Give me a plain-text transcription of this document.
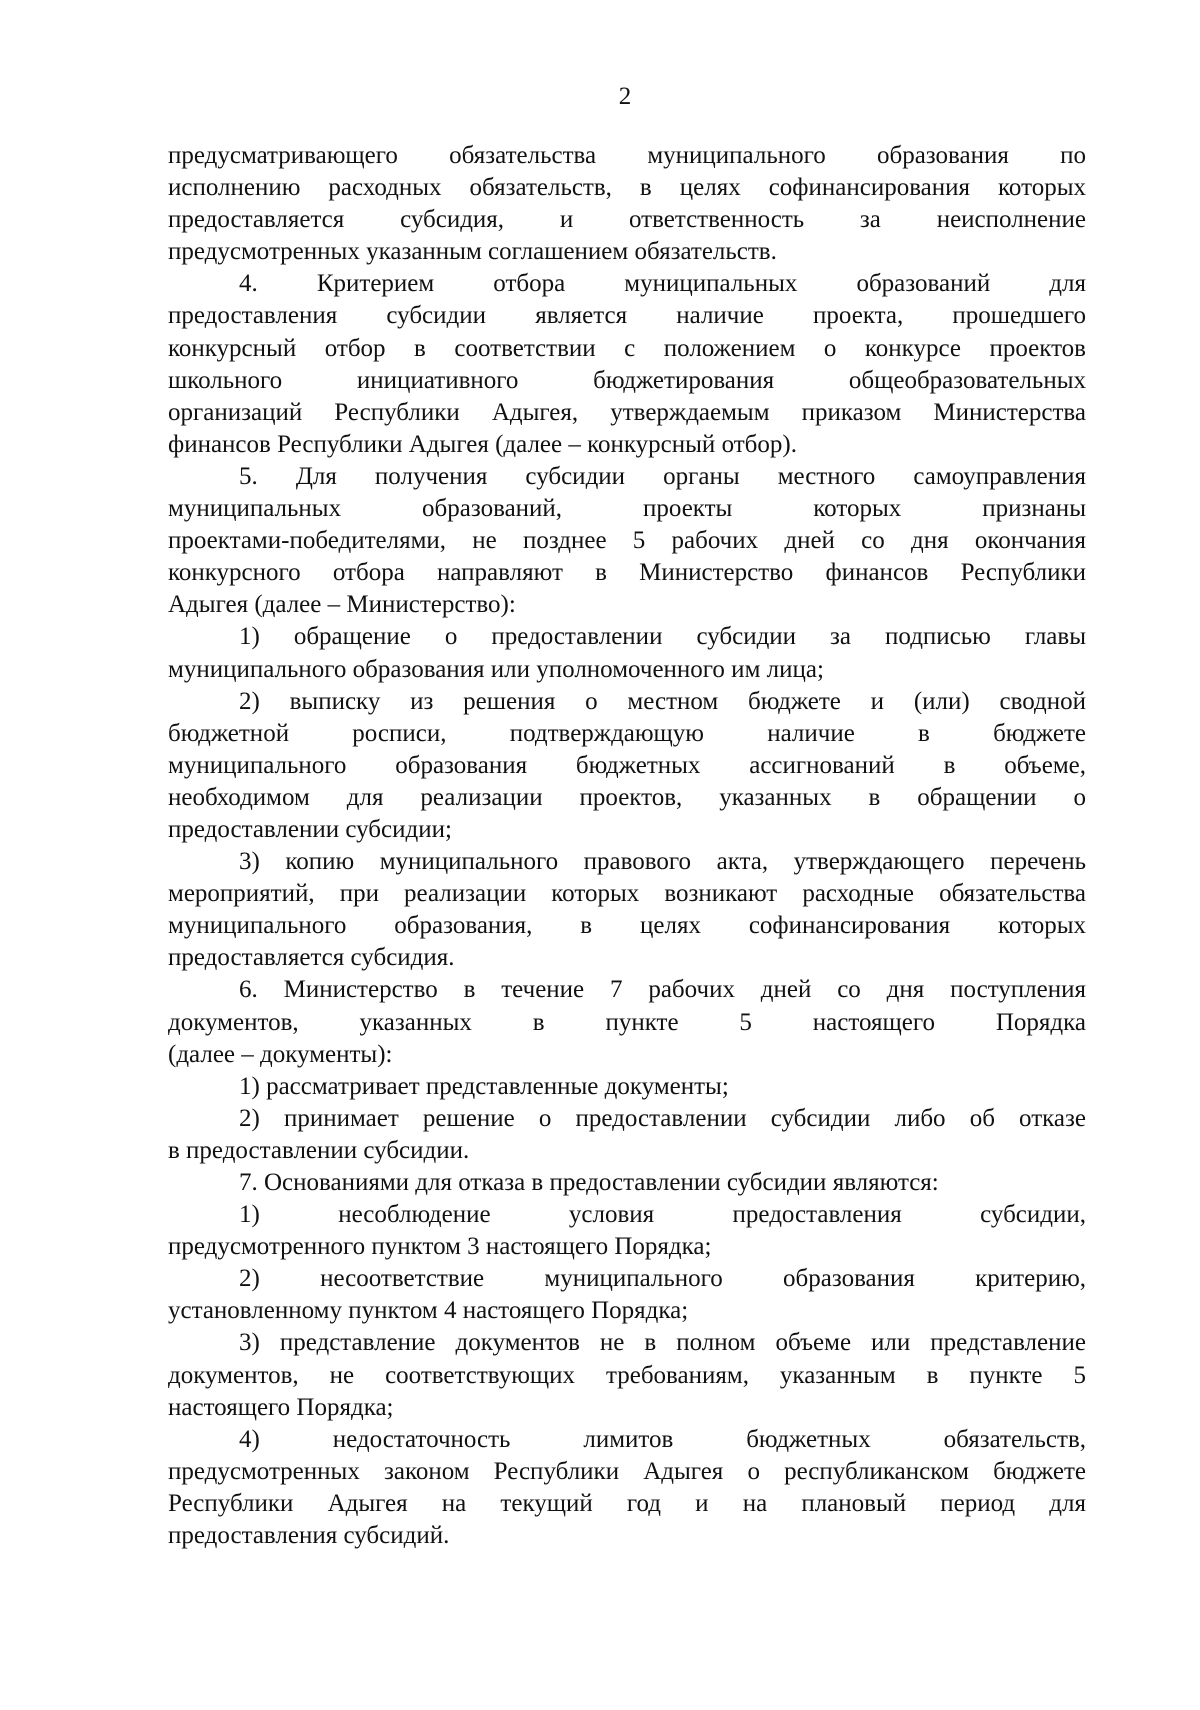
2

предусматривающего обязательства муниципального образования по
исполнению расходных обязательств, в целях софинансирования которых
предоставляется субсидия, и ответственность за неисполнение
предусмотренных указанным соглашением обязательств.

4. Критерием отбора муниципальных образований для
предоставления субсидии является наличие проекта, прошедшего
конкурсный отбор в соответствии с положением о конкурсе проектов
школьного инициативного бюджетирования общеобразовательных
организаций Республики Адыгея, утверждаемым приказом Министерства
финансов Республики Адыгея (далее – конкурсный отбор).

5. Для получения субсидии органы местного самоуправления
муниципальных образований, проекты которых признаны
проектами-победителями, не позднее 5 рабочих дней со дня окончания
конкурсного отбора направляют в Министерство финансов Республики
Адыгея (далее – Министерство):

1) обращение о предоставлении субсидии за подписью главы
муниципального образования или уполномоченного им лица;

2) выписку из решения о местном бюджете и (или) сводной
бюджетной росписи, подтверждающую наличие в бюджете
муниципального образования бюджетных ассигнований в объеме,
необходимом для реализации проектов, указанных в обращении о
предоставлении субсидии;

3) копию муниципального правового акта, утверждающего перечень
мероприятий, при реализации которых возникают расходные обязательства
муниципального образования, в целях софинансирования которых
предоставляется субсидия.

6. Министерство в течение 7 рабочих дней со дня поступления
документов, указанных в пункте 5 настоящего Порядка
(далее – документы):

1) рассматривает представленные документы;

2) принимает решение о предоставлении субсидии либо об отказе
в предоставлении субсидии.

7. Основаниями для отказа в предоставлении субсидии являются:

1) несоблюдение условия предоставления субсидии,
предусмотренного пунктом 3 настоящего Порядка;

2) несоответствие муниципального образования критерию,
установленному пунктом 4 настоящего Порядка;

3) представление документов не в полном объеме или представление
документов, не соответствующих требованиям, указанным в пункте 5
настоящего Порядка;

4) недостаточность лимитов бюджетных обязательств,
предусмотренных законом Республики Адыгея о республиканском бюджете
Республики Адыгея на текущий год и на плановый период для
предоставления субсидий.
